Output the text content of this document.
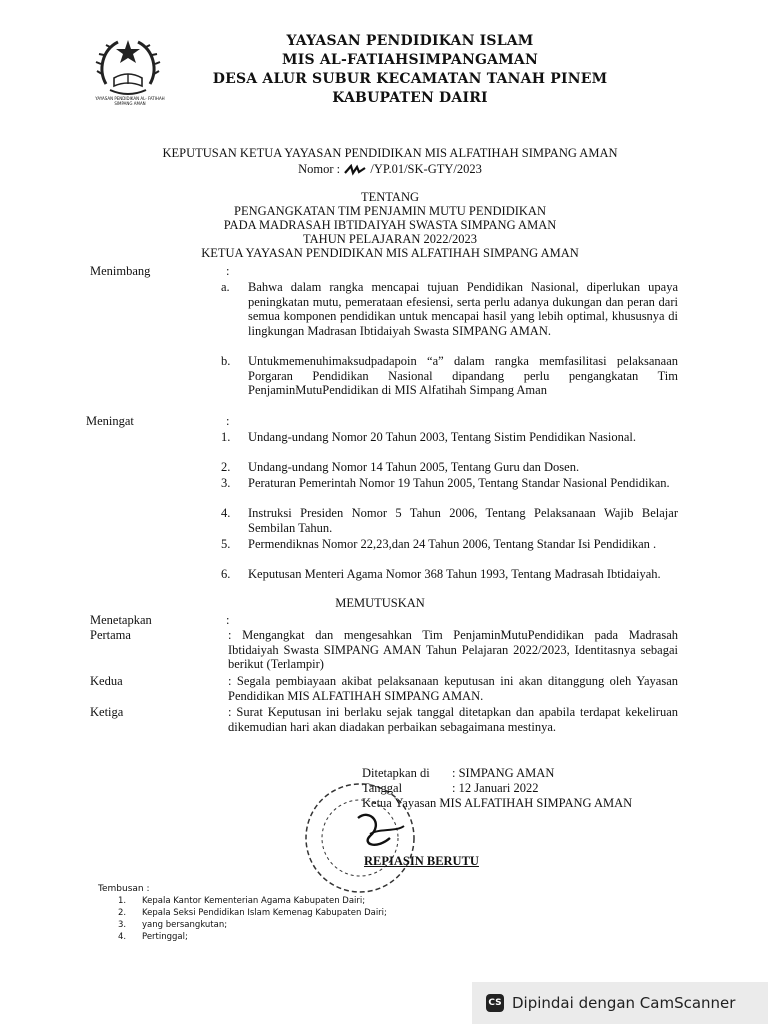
YAYASAN PENDIDIKAN AL- FATIHAH
SIMPANG AMAN
YAYASAN PENDIDIKAN ISLAM
MIS AL-FATIAHSIMPANGAMAN
DESA ALUR SUBUR KECAMATAN TANAH PINEM
KABUPATEN DAIRI
KEPUTUSAN KETUA YAYASAN PENDIDIKAN MIS ALFATIHAH SIMPANG AMAN
Nomor : /YP.01/SK-GTY/2023
TENTANG
PENGANGKATAN TIM PENJAMIN MUTU PENDIDIKAN
PADA MADRASAH IBTIDAIYAH SWASTA SIMPANG AMAN
TAHUN PELAJARAN 2022/2023
KETUA YAYASAN PENDIDIKAN MIS ALFATIHAH SIMPANG AMAN
Menimbang	:
a. Bahwa dalam rangka mencapai tujuan Pendidikan Nasional, diperlukan upaya peningkatan mutu, pemerataan efesiensi, serta perlu adanya dukungan dan peran dari semua komponen pendidikan untuk mencapai hasil yang lebih optimal, khususnya di lingkungan Madrasan Ibtidaiyah Swasta SIMPANG AMAN.
b. Untukmemenuhimaksudpadapoin “a” dalam rangka memfasilitasi pelaksanaan Porgaran Pendidikan Nasional dipandang perlu pengangkatan Tim PenjaminMutuPendidikan di MIS Alfatihah Simpang Aman
Meningat	:
1. Undang-undang Nomor 20 Tahun 2003, Tentang Sistim Pendidikan Nasional.
2. Undang-undang Nomor 14 Tahun 2005, Tentang Guru dan Dosen.
3. Peraturan Pemerintah Nomor 19 Tahun 2005, Tentang Standar Nasional Pendidikan.
4. Instruksi Presiden Nomor 5 Tahun 2006, Tentang Pelaksanaan Wajib Belajar Sembilan Tahun.
5. Permendiknas Nomor 22,23,dan 24 Tahun 2006, Tentang Standar Isi Pendidikan .
6. Keputusan Menteri Agama Nomor 368 Tahun 1993, Tentang Madrasah Ibtidaiyah.
MEMUTUSKAN
Menetapkan	:
Pertama	: Mengangkat dan mengesahkan Tim PenjaminMutuPendidikan pada Madrasah Ibtidaiyah Swasta SIMPANG AMAN Tahun Pelajaran 2022/2023, Identitasnya sebagai berikut (Terlampir)
Kedua	: Segala pembiayaan akibat pelaksanaan keputusan ini akan ditanggung oleh Yayasan Pendidikan MIS ALFATIHAH SIMPANG AMAN.
Ketiga	: Surat Keputusan ini berlaku sejak tanggal ditetapkan dan apabila terdapat kekeliruan dikemudian hari akan diadakan perbaikan sebagaimana mestinya.
Ditetapkan di : SIMPANG AMAN
Tanggal	: 12 Januari 2022
Ketua Yayasan MIS ALFATIHAH SIMPANG AMAN
REPIASIN BERUTU
Tembusan :
1. Kepala Kantor Kementerian Agama Kabupaten Dairi;
2. Kepala Seksi Pendidikan Islam Kemenag Kabupaten Dairi;
3. yang bersangkutan;
4. Pertinggal;
CS Dipindai dengan CamScanner
